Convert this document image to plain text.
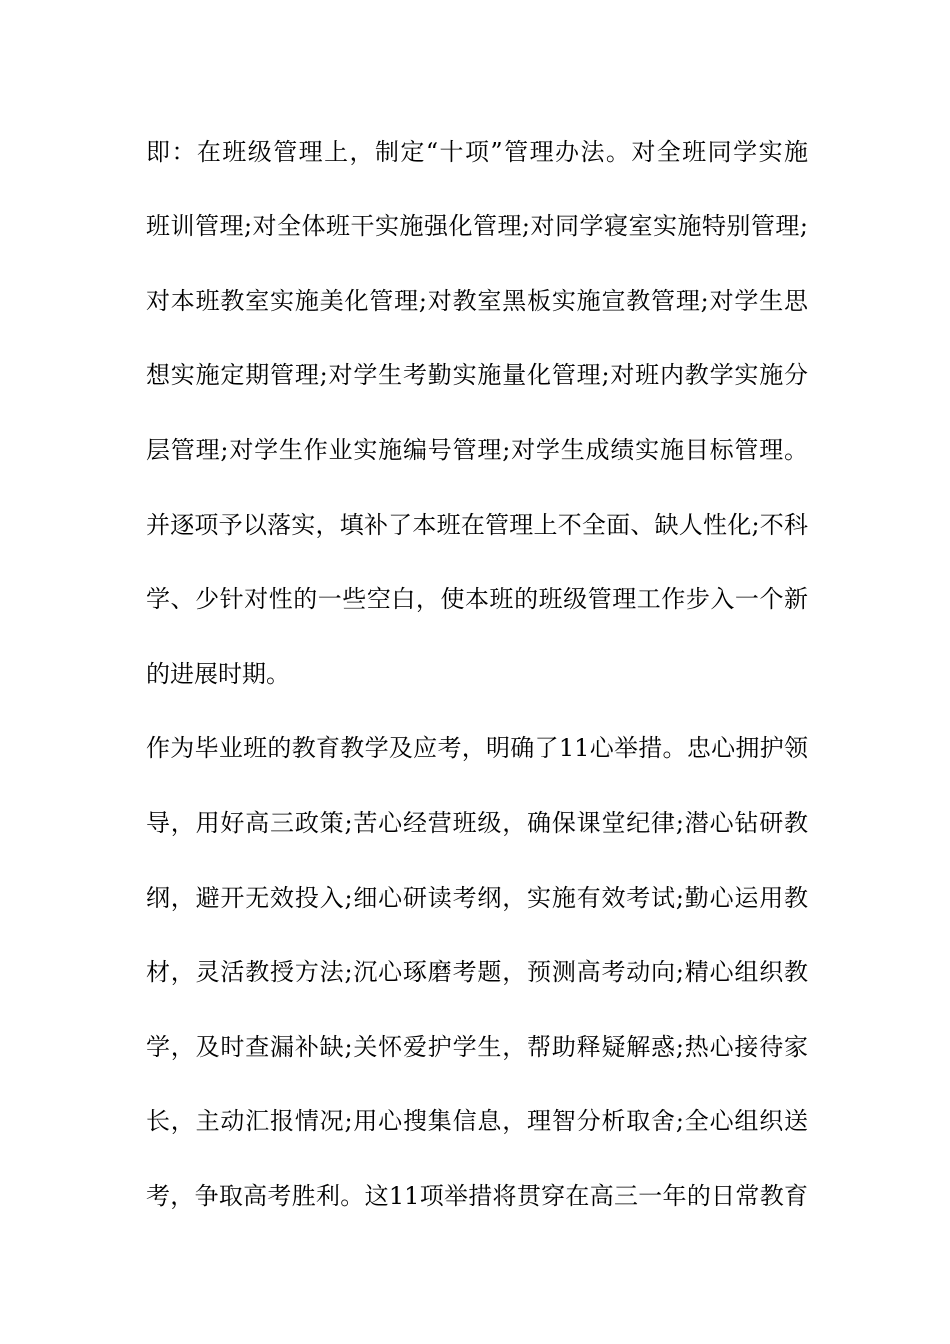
即：在班级管理上，制定“十项”管理办法。对全班同学实施
班训管理;对全体班干实施强化管理;对同学寝室实施特别管理;
对本班教室实施美化管理;对教室黑板实施宣教管理;对学生思
想实施定期管理;对学生考勤实施量化管理;对班内教学实施分
层管理;对学生作业实施编号管理;对学生成绩实施目标管理。
并逐项予以落实，填补了本班在管理上不全面、缺人性化;不科
学、少针对性的一些空白，使本班的班级管理工作步入一个新
的进展时期。
作为毕业班的教育教学及应考，明确了11心举措。忠心拥护领
导，用好高三政策;苦心经营班级，确保课堂纪律;潜心钻研教
纲，避开无效投入;细心研读考纲，实施有效考试;勤心运用教
材，灵活教授方法;沉心琢磨考题，预测高考动向;精心组织教
学，及时查漏补缺;关怀爱护学生，帮助释疑解惑;热心接待家
长，主动汇报情况;用心搜集信息，理智分析取舍;全心组织送
考，争取高考胜利。这11项举措将贯穿在高三一年的日常教育
